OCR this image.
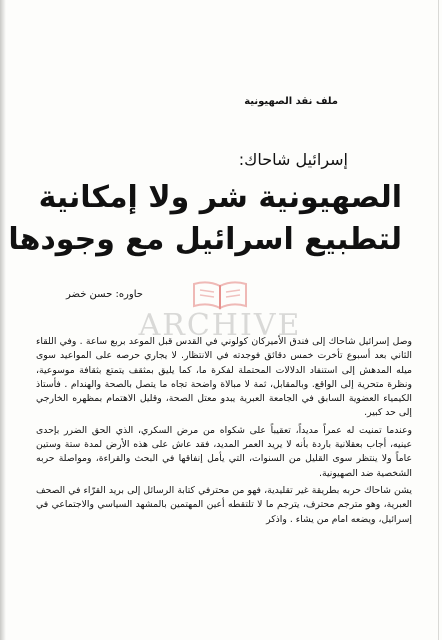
ملف نقد الصهيونية
إسرائيل شاحاك:
الصهيونية شر ولا إمكانية
لتطبيع اسرائيل مع وجودها
حاوره: حسن خضر
ARCHIVE

وصل إسرائيل شاحاك إلى فندق الأميركان كولوني في القدس قبل الموعد بربع ساعة . وفي اللقاء الثاني بعد أسبوع تأخرت خمس دقائق فوجدته في الانتظار. لا يجاري حرصه على المواعيد سوى ميله المدهش إلى استنفاد الدلالات المحتملة لفكرة ما، كما يليق بمثقف يتمتع بثقافة موسوعية، ونظرة متحرية إلى الواقع. وبالمقابل، ثمة لا مبالاة واضحة تجاه ما يتصل بالصحة والهندام . فأستاذ الكيمياء العضوية السابق في الجامعة العبرية يبدو معتل الصحة، وقليل الاهتمام بمظهره الخارجي إلى حد كبير.

وعندما تمنيت له عمراً مديداً، تعقيباً على شكواه من مرض السكري، الذي الحق الضرر بإحدى عينيه، أجاب بعقلانية باردة بأنه لا يريد العمر المديد، فقد عاش على هذه الأرض لمدة ستة وستين عاماً ولا ينتظر سوى القليل من السنوات، التي يأمل إنفاقها في البحث والقراءة، ومواصلة حربه الشخصية ضد الصهيونية.

يشن شاحاك حربه بطريقة غير تقليدية، فهو من محترفي كتابة الرسائل إلى بريد القرّاء في الصحف العبرية، وهو مترجم محترف، يترجم ما لا تلتقطه أعين المهتمين بالمشهد السياسي والاجتماعي في إسرائيل، ويضعه امام من يشاء . واذكر
